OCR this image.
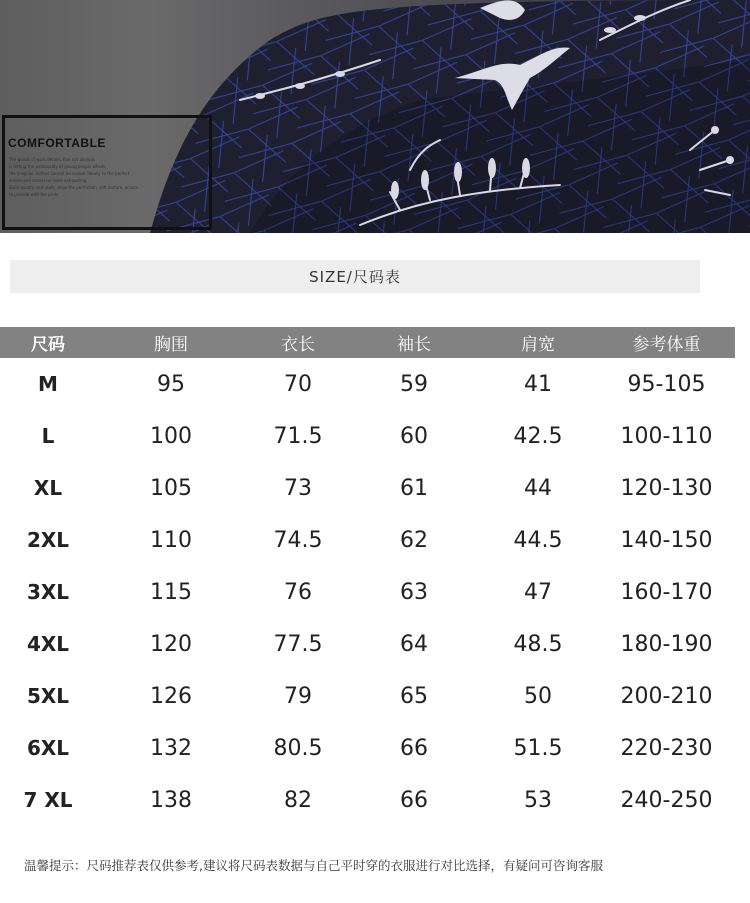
COMFORTABLE
The goods of work details, fine not obvious
is letting the personality of young people wheat,
the irregular clothes cannot be casual. Ideally to the perfect
leaves and casual no looks exhausting.
Build quality, but really show the perfection, soft texture, ensure
to provide with the pride.
SIZE/尺码表
尺码	胸围	衣长	袖长	肩宽	参考体重
M	95	70	59	41	95-105
L	100	71.5	60	42.5	100-110
XL	105	73	61	44	120-130
2XL	110	74.5	62	44.5	140-150
3XL	115	76	63	47	160-170
4XL	120	77.5	64	48.5	180-190
5XL	126	79	65	50	200-210
6XL	132	80.5	66	51.5	220-230
7 XL	138	82	66	53	240-250
温馨提示：尺码推荐表仅供参考,建议将尺码表数据与自己平时穿的衣服进行对比选择，有疑问可咨询客服
